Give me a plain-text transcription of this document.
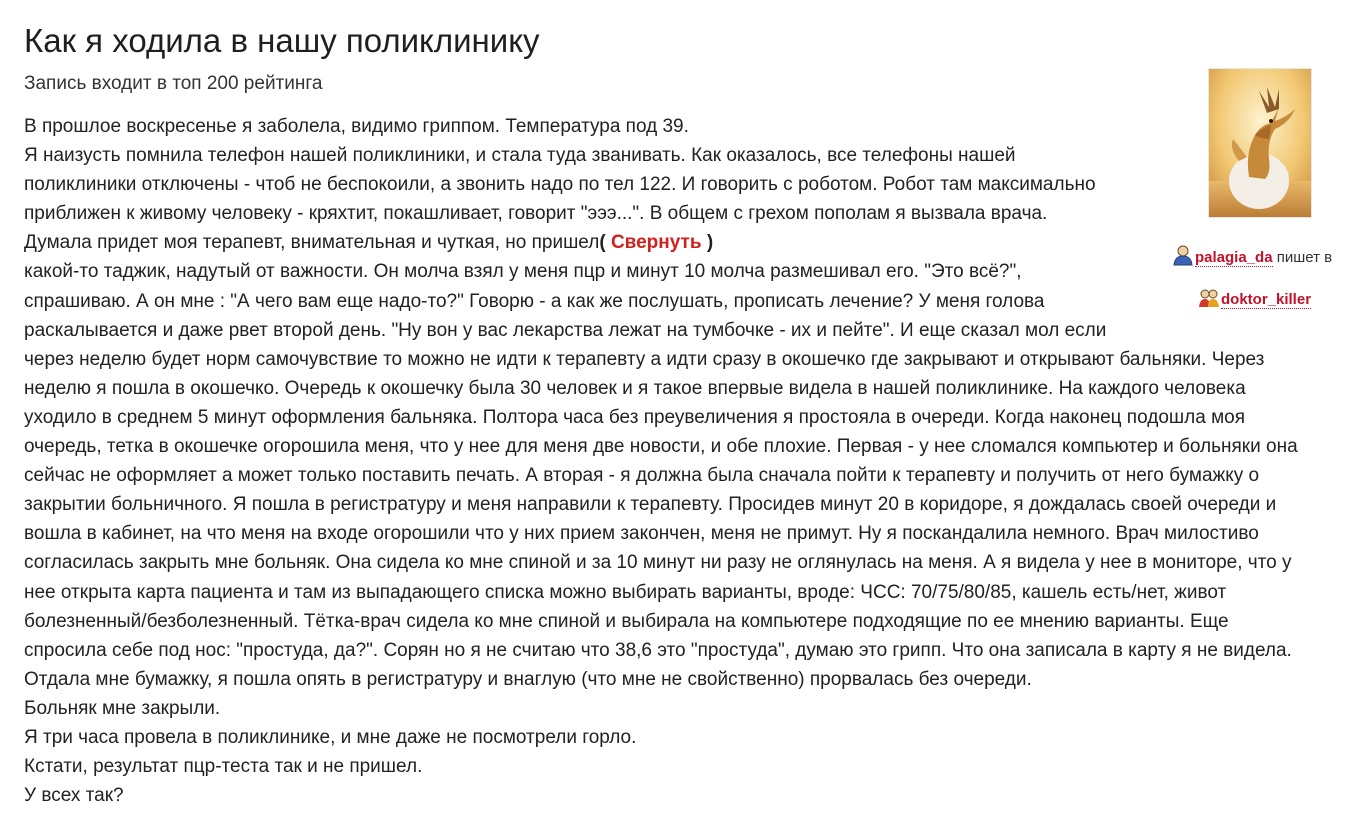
Как я ходила в нашу поликлинику
Запись входит в топ 200 рейтинга
palagia_da пишет в
doktor_killer
В прошлое воскресенье я заболела, видимо гриппом. Температура под 39.
Я наизусть помнила телефон нашей поликлиники, и стала туда званивать. Как оказалось, все телефоны нашей
поликлиники отключены - чтоб не беспокоили, а звонить надо по тел 122. И говорить с роботом. Робот там максимально
приближен к живому человеку - кряхтит, покашливает, говорит "эээ...". В общем с грехом пополам я вызвала врача.
Думала придет моя терапевт, внимательная и чуткая, но пришел( Свернуть )
какой-то таджик, надутый от важности. Он молча взял у меня пцр и минут 10 молча размешивал его. "Это всё?",
спрашиваю. А он мне : "А чего вам еще надо-то?" Говорю - а как же послушать, прописать лечение? У меня голова
раскалывается и даже рвет второй день. "Ну вон у вас лекарства лежат на тумбочке - их и пейте". И еще сказал мол если
через неделю будет норм самочувствие то можно не идти к терапевту а идти сразу в окошечко где закрывают и открывают бальняки. Через
неделю я пошла в окошечко. Очередь к окошечку была 30 человек и я такое впервые видела в нашей поликлинике. На каждого человека
уходило в среднем 5 минут оформления бальняка. Полтора часа без преувеличения я простояла в очереди. Когда наконец подошла моя
очередь, тетка в окошечке огорошила меня, что у нее для меня две новости, и обе плохие. Первая - у нее сломался компьютер и больняки она
сейчас не оформляет а может только поставить печать. А вторая - я должна была сначала пойти к терапевту и получить от него бумажку о
закрытии больничного. Я пошла в регистратуру и меня направили к терапевту. Просидев минут 20 в коридоре, я дождалась своей очереди и
вошла в кабинет, на что меня на входе огорошили что у них прием закончен, меня не примут. Ну я поскандалила немного. Врач милостиво
согласилась закрыть мне больняк. Она сидела ко мне спиной и за 10 минут ни разу не оглянулась на меня. А я видела у нее в мониторе, что у
нее открыта карта пациента и там из выпадающего списка можно выбирать варианты, вроде: ЧСС: 70/75/80/85, кашель есть/нет, живот
болезненный/безболезненный. Тётка-врач сидела ко мне спиной и выбирала на компьютере подходящие по ее мнению варианты. Еще
спросила себе под нос: "простуда, да?". Сорян но я не считаю что 38,6 это "простуда", думаю это грипп. Что она записала в карту я не видела.
Отдала мне бумажку, я пошла опять в регистратуру и внаглую (что мне не свойственно) прорвалась без очереди.
Больняк мне закрыли.
Я три часа провела в поликлинике, и мне даже не посмотрели горло.
Кстати, результат пцр-теста так и не пришел.
У всех так?
